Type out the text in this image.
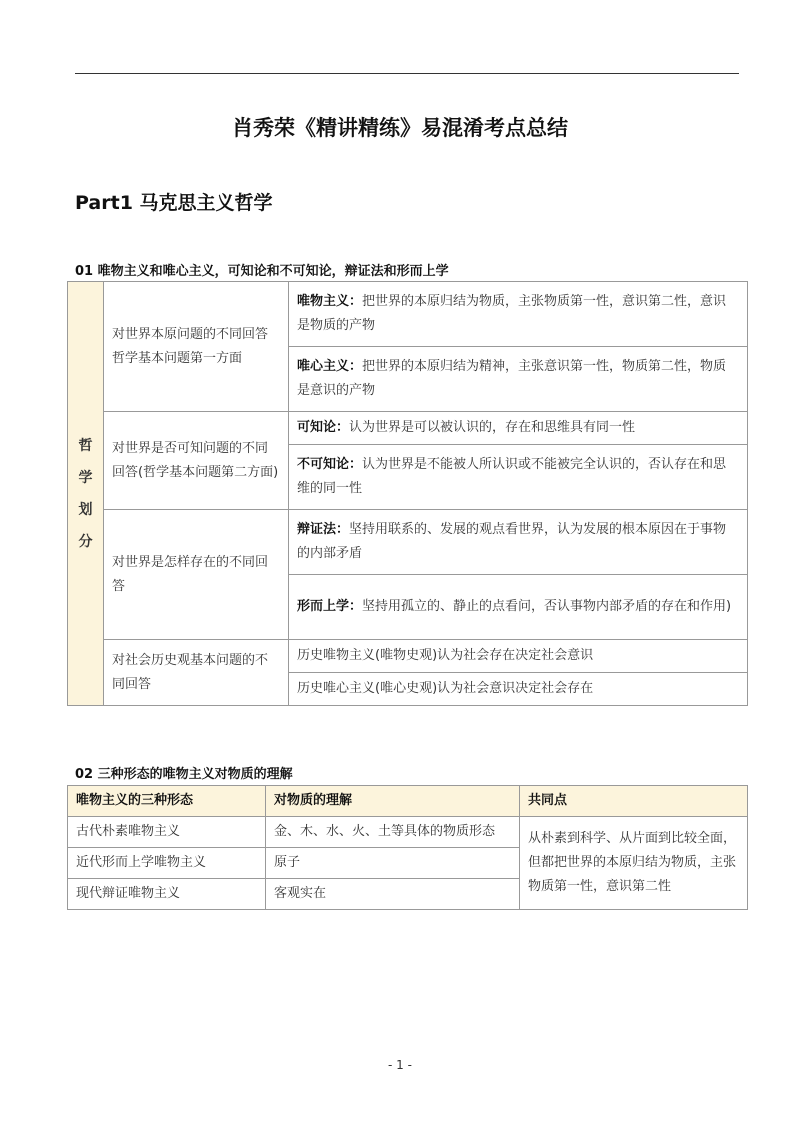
肖秀荣《精讲精练》易混淆考点总结
Part1 马克思主义哲学
01 唯物主义和唯心主义，可知论和不可知论，辩证法和形而上学
哲学划分	对世界本原问题的不同回答哲学基本问题第一方面	唯物主义：把世界的本原归结为物质，主张物质第一性，意识第二性，意识是物质的产物
		唯心主义：把世界的本原归结为精神，主张意识第一性，物质第二性，物质是意识的产物
	对世界是否可知问题的不同回答(哲学基本问题第二方面)	可知论：认为世界是可以被认识的，存在和思维具有同一性
		不可知论：认为世界是不能被人所认识或不能被完全认识的，否认存在和思维的同一性
	对世界是怎样存在的不同回答	辩证法：坚持用联系的、发展的观点看世界，认为发展的根本原因在于事物的内部矛盾
		形而上学：坚持用孤立的、静止的点看问，否认事物内部矛盾的存在和作用)
	对社会历史观基本问题的不同回答	历史唯物主义(唯物史观)认为社会存在决定社会意识
		历史唯心主义(唯心史观)认为社会意识决定社会存在
02 三种形态的唯物主义对物质的理解
唯物主义的三种形态	对物质的理解	共同点
古代朴素唯物主义	金、木、水、火、土等具体的物质形态	从朴素到科学、从片面到比较全面，但都把世界的本原归结为物质，主张物质第一性，意识第二性
近代形而上学唯物主义	原子	
现代辩证唯物主义	客观实在	
- 1 -
